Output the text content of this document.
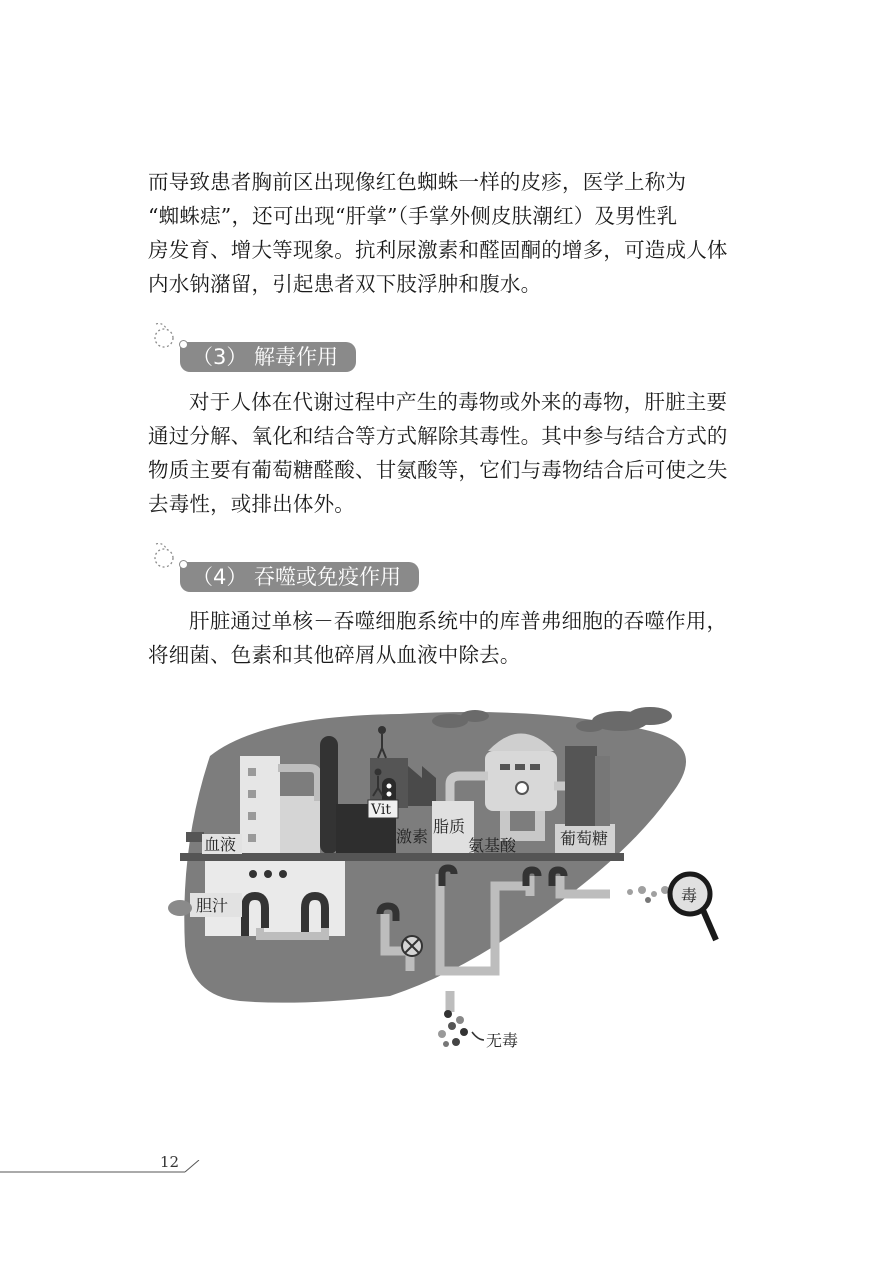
而导致患者胸前区出现像红色蜘蛛一样的皮疹，医学上称为
“蜘蛛痣”，还可出现“肝掌”（手掌外侧皮肤潮红）及男性乳
房发育、增大等现象。抗利尿激素和醛固酮的增多，可造成人体
内水钠潴留，引起患者双下肢浮肿和腹水。
（3） 解毒作用
对于人体在代谢过程中产生的毒物或外来的毒物，肝脏主要
通过分解、氧化和结合等方式解除其毒性。其中参与结合方式的
物质主要有葡萄糖醛酸、甘氨酸等，它们与毒物结合后可使之失
去毒性，或排出体外。
（4） 吞噬或免疫作用
肝脏通过单核－吞噬细胞系统中的库普弗细胞的吞噬作用，
将细菌、色素和其他碎屑从血液中除去。
血液
Vit
激素
脂质
氨基酸	葡萄糖
胆汁
毒
无毒
12
